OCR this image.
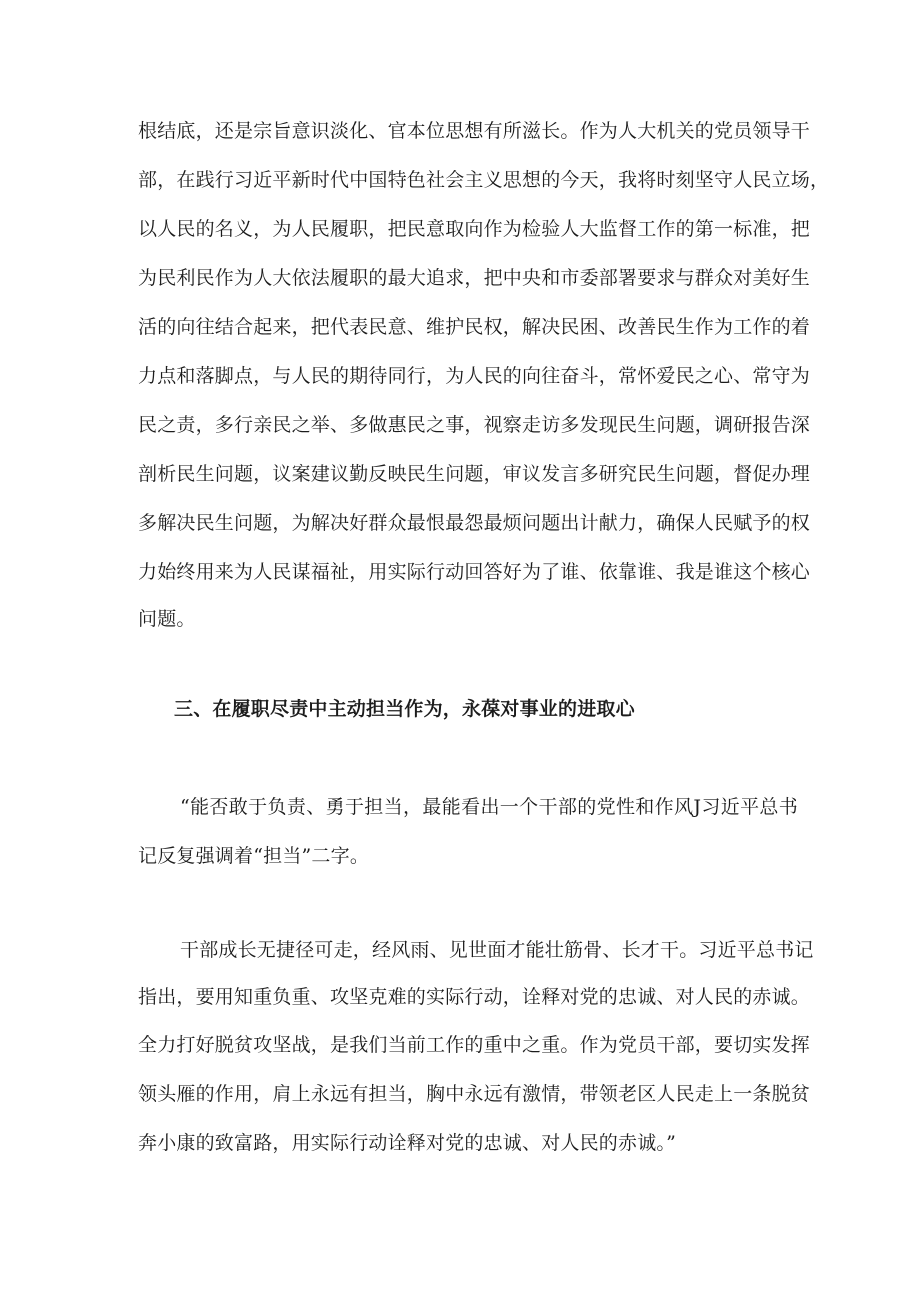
根结底，还是宗旨意识淡化、官本位思想有所滋长。作为人大机关的党员领导干
部，在践行习近平新时代中国特色社会主义思想的今天，我将时刻坚守人民立场，
以人民的名义，为人民履职，把民意取向作为检验人大监督工作的第一标准，把
为民利民作为人大依法履职的最大追求，把中央和市委部署要求与群众对美好生
活的向往结合起来，把代表民意、维护民权，解决民困、改善民生作为工作的着
力点和落脚点，与人民的期待同行，为人民的向往奋斗，常怀爱民之心、常守为
民之责，多行亲民之举、多做惠民之事，视察走访多发现民生问题，调研报告深
剖析民生问题，议案建议勤反映民生问题，审议发言多研究民生问题，督促办理
多解决民生问题，为解决好群众最恨最怨最烦问题出计献力，确保人民赋予的权
力始终用来为人民谋福祉，用实际行动回答好为了谁、依靠谁、我是谁这个核心
问题。
三、在履职尽责中主动担当作为，永葆对事业的进取心
“能否敢于负责、勇于担当，最能看出一个干部的党性和作风J习近平总书
记反复强调着“担当”二字。
干部成长无捷径可走，经风雨、见世面才能壮筋骨、长才干。习近平总书记
指出，要用知重负重、攻坚克难的实际行动，诠释对党的忠诚、对人民的赤诚。
全力打好脱贫攻坚战，是我们当前工作的重中之重。作为党员干部，要切实发挥
领头雁的作用，肩上永远有担当，胸中永远有激情，带领老区人民走上一条脱贫
奔小康的致富路，用实际行动诠释对党的忠诚、对人民的赤诚。”
